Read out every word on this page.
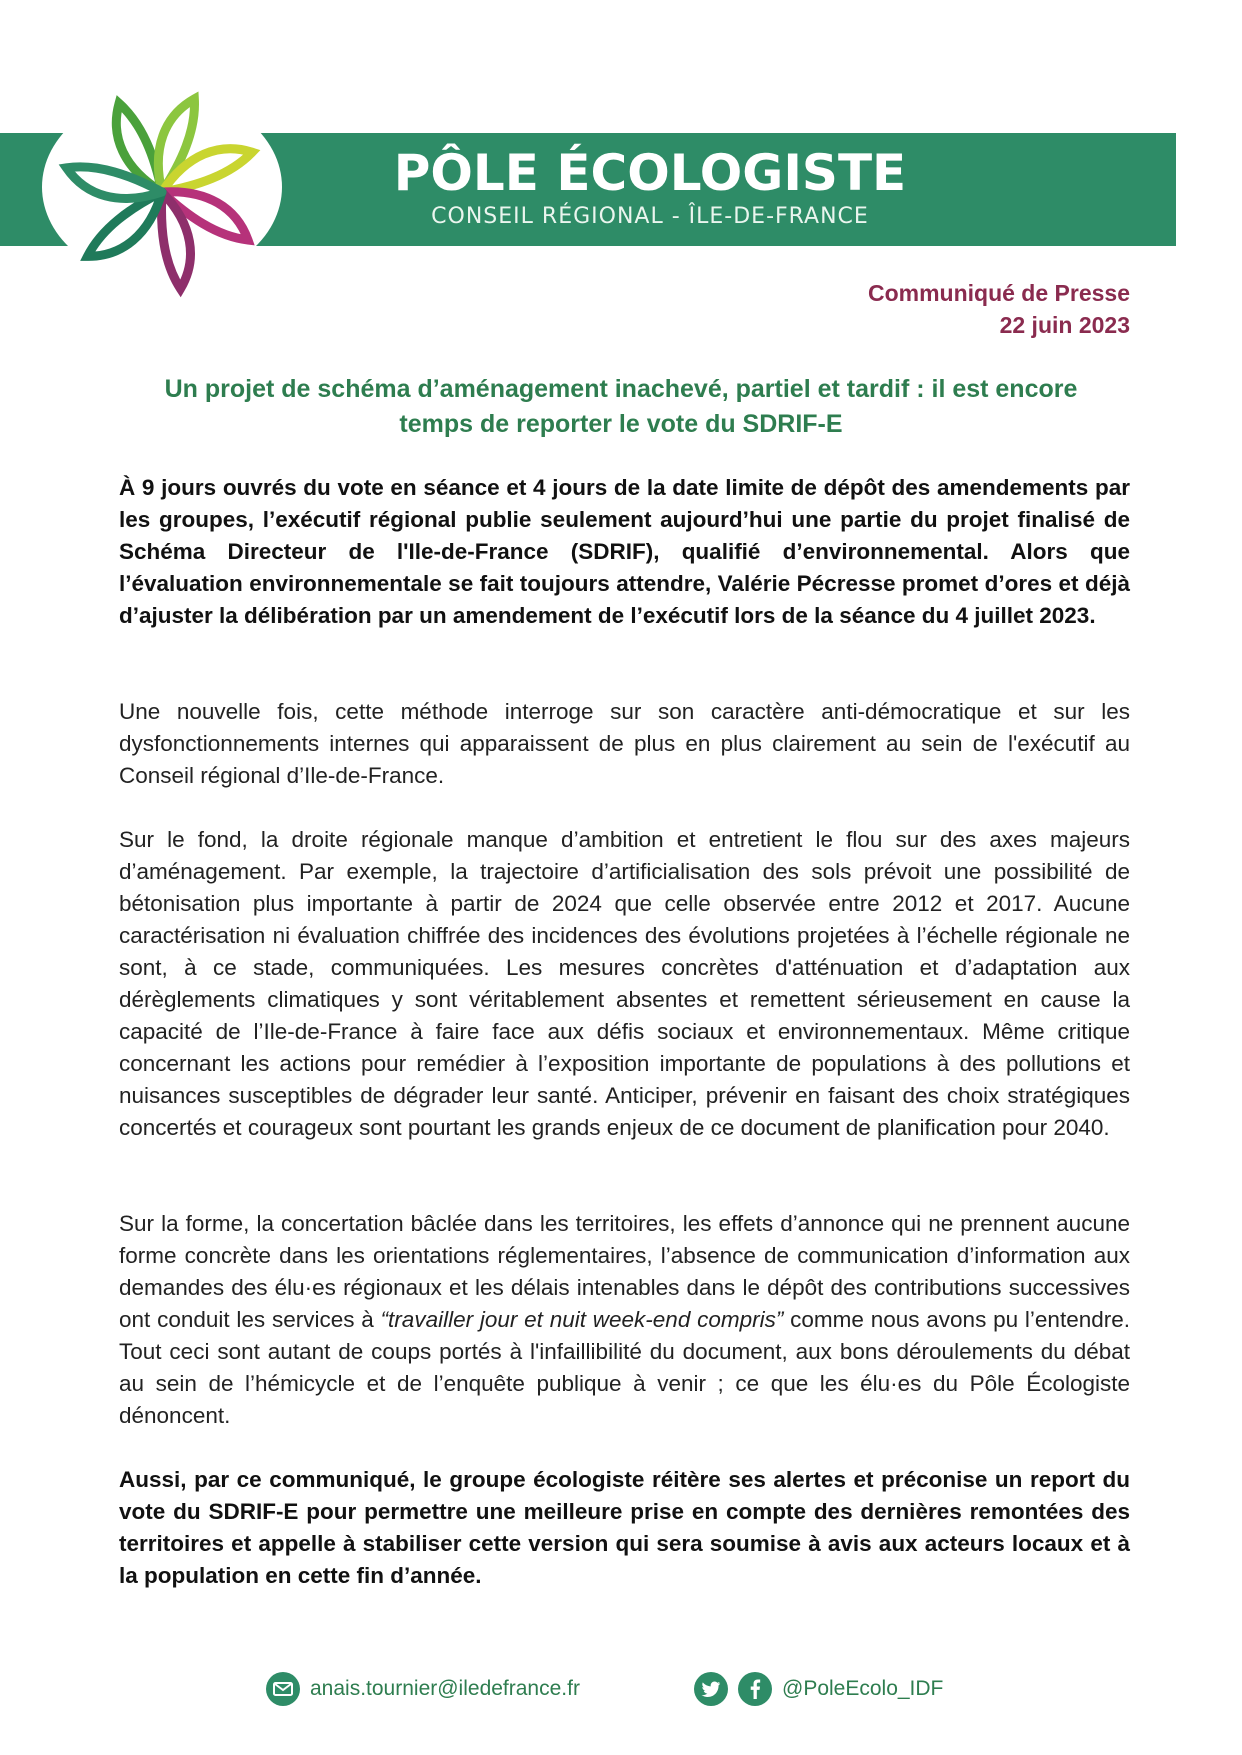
PÔLE ÉCOLOGISTE
CONSEIL RÉGIONAL - ÎLE-DE-FRANCE
Communiqué de Presse
22 juin 2023
Un projet de schéma d’aménagement inachevé, partiel et tardif : il est encore
temps de reporter le vote du SDRIF-E

À 9 jours ouvrés du vote en séance et 4 jours de la date limite de dépôt des amendements par les groupes, l’exécutif régional publie seulement aujourd’hui une partie du projet finalisé de Schéma Directeur de l'Ile-de-France (SDRIF), qualifié d’environnemental. Alors que l’évaluation environnementale se fait toujours attendre, Valérie Pécresse promet d’ores et déjà d’ajuster la délibération par un amendement de l’exécutif lors de la séance du 4 juillet 2023.

Une nouvelle fois, cette méthode interroge sur son caractère anti-démocratique et sur les dysfonctionnements internes qui apparaissent de plus en plus clairement au sein de l'exécutif au Conseil régional d’Ile-de-France.

Sur le fond, la droite régionale manque d’ambition et entretient le flou sur des axes majeurs d’aménagement. Par exemple, la trajectoire d’artificialisation des sols prévoit une possibilité de bétonisation plus importante à partir de 2024 que celle observée entre 2012 et 2017. Aucune caractérisation ni évaluation chiffrée des incidences des évolutions projetées à l’échelle régionale ne sont, à ce stade, communiquées. Les mesures concrètes d'atténuation et d’adaptation aux dérèglements climatiques y sont véritablement absentes et remettent sérieusement en cause la capacité de l’Ile-de-France à faire face aux défis sociaux et environnementaux. Même critique concernant les actions pour remédier à l’exposition importante de populations à des pollutions et nuisances susceptibles de dégrader leur santé. Anticiper, prévenir en faisant des choix stratégiques concertés et courageux sont pourtant les grands enjeux de ce document de planification pour 2040.

Sur la forme, la concertation bâclée dans les territoires, les effets d’annonce qui ne prennent aucune forme concrète dans les orientations réglementaires, l’absence de communication d’information aux demandes des élu·es régionaux et les délais intenables dans le dépôt des contributions successives ont conduit les services à “travailler jour et nuit week-end compris” comme nous avons pu l’entendre. Tout ceci sont autant de coups portés à l'infaillibilité du document, aux bons déroulements du débat au sein de l’hémicycle et de l’enquête publique à venir ; ce que les élu·es du Pôle Écologiste dénoncent.

Aussi, par ce communiqué, le groupe écologiste réitère ses alertes et préconise un report du vote du SDRIF-E pour permettre une meilleure prise en compte des dernières remontées des territoires et appelle à stabiliser cette version qui sera soumise à avis aux acteurs locaux et à la population en cette fin d’année.

anais.tournier@iledefrance.fr	@PoleEcolo_IDF
